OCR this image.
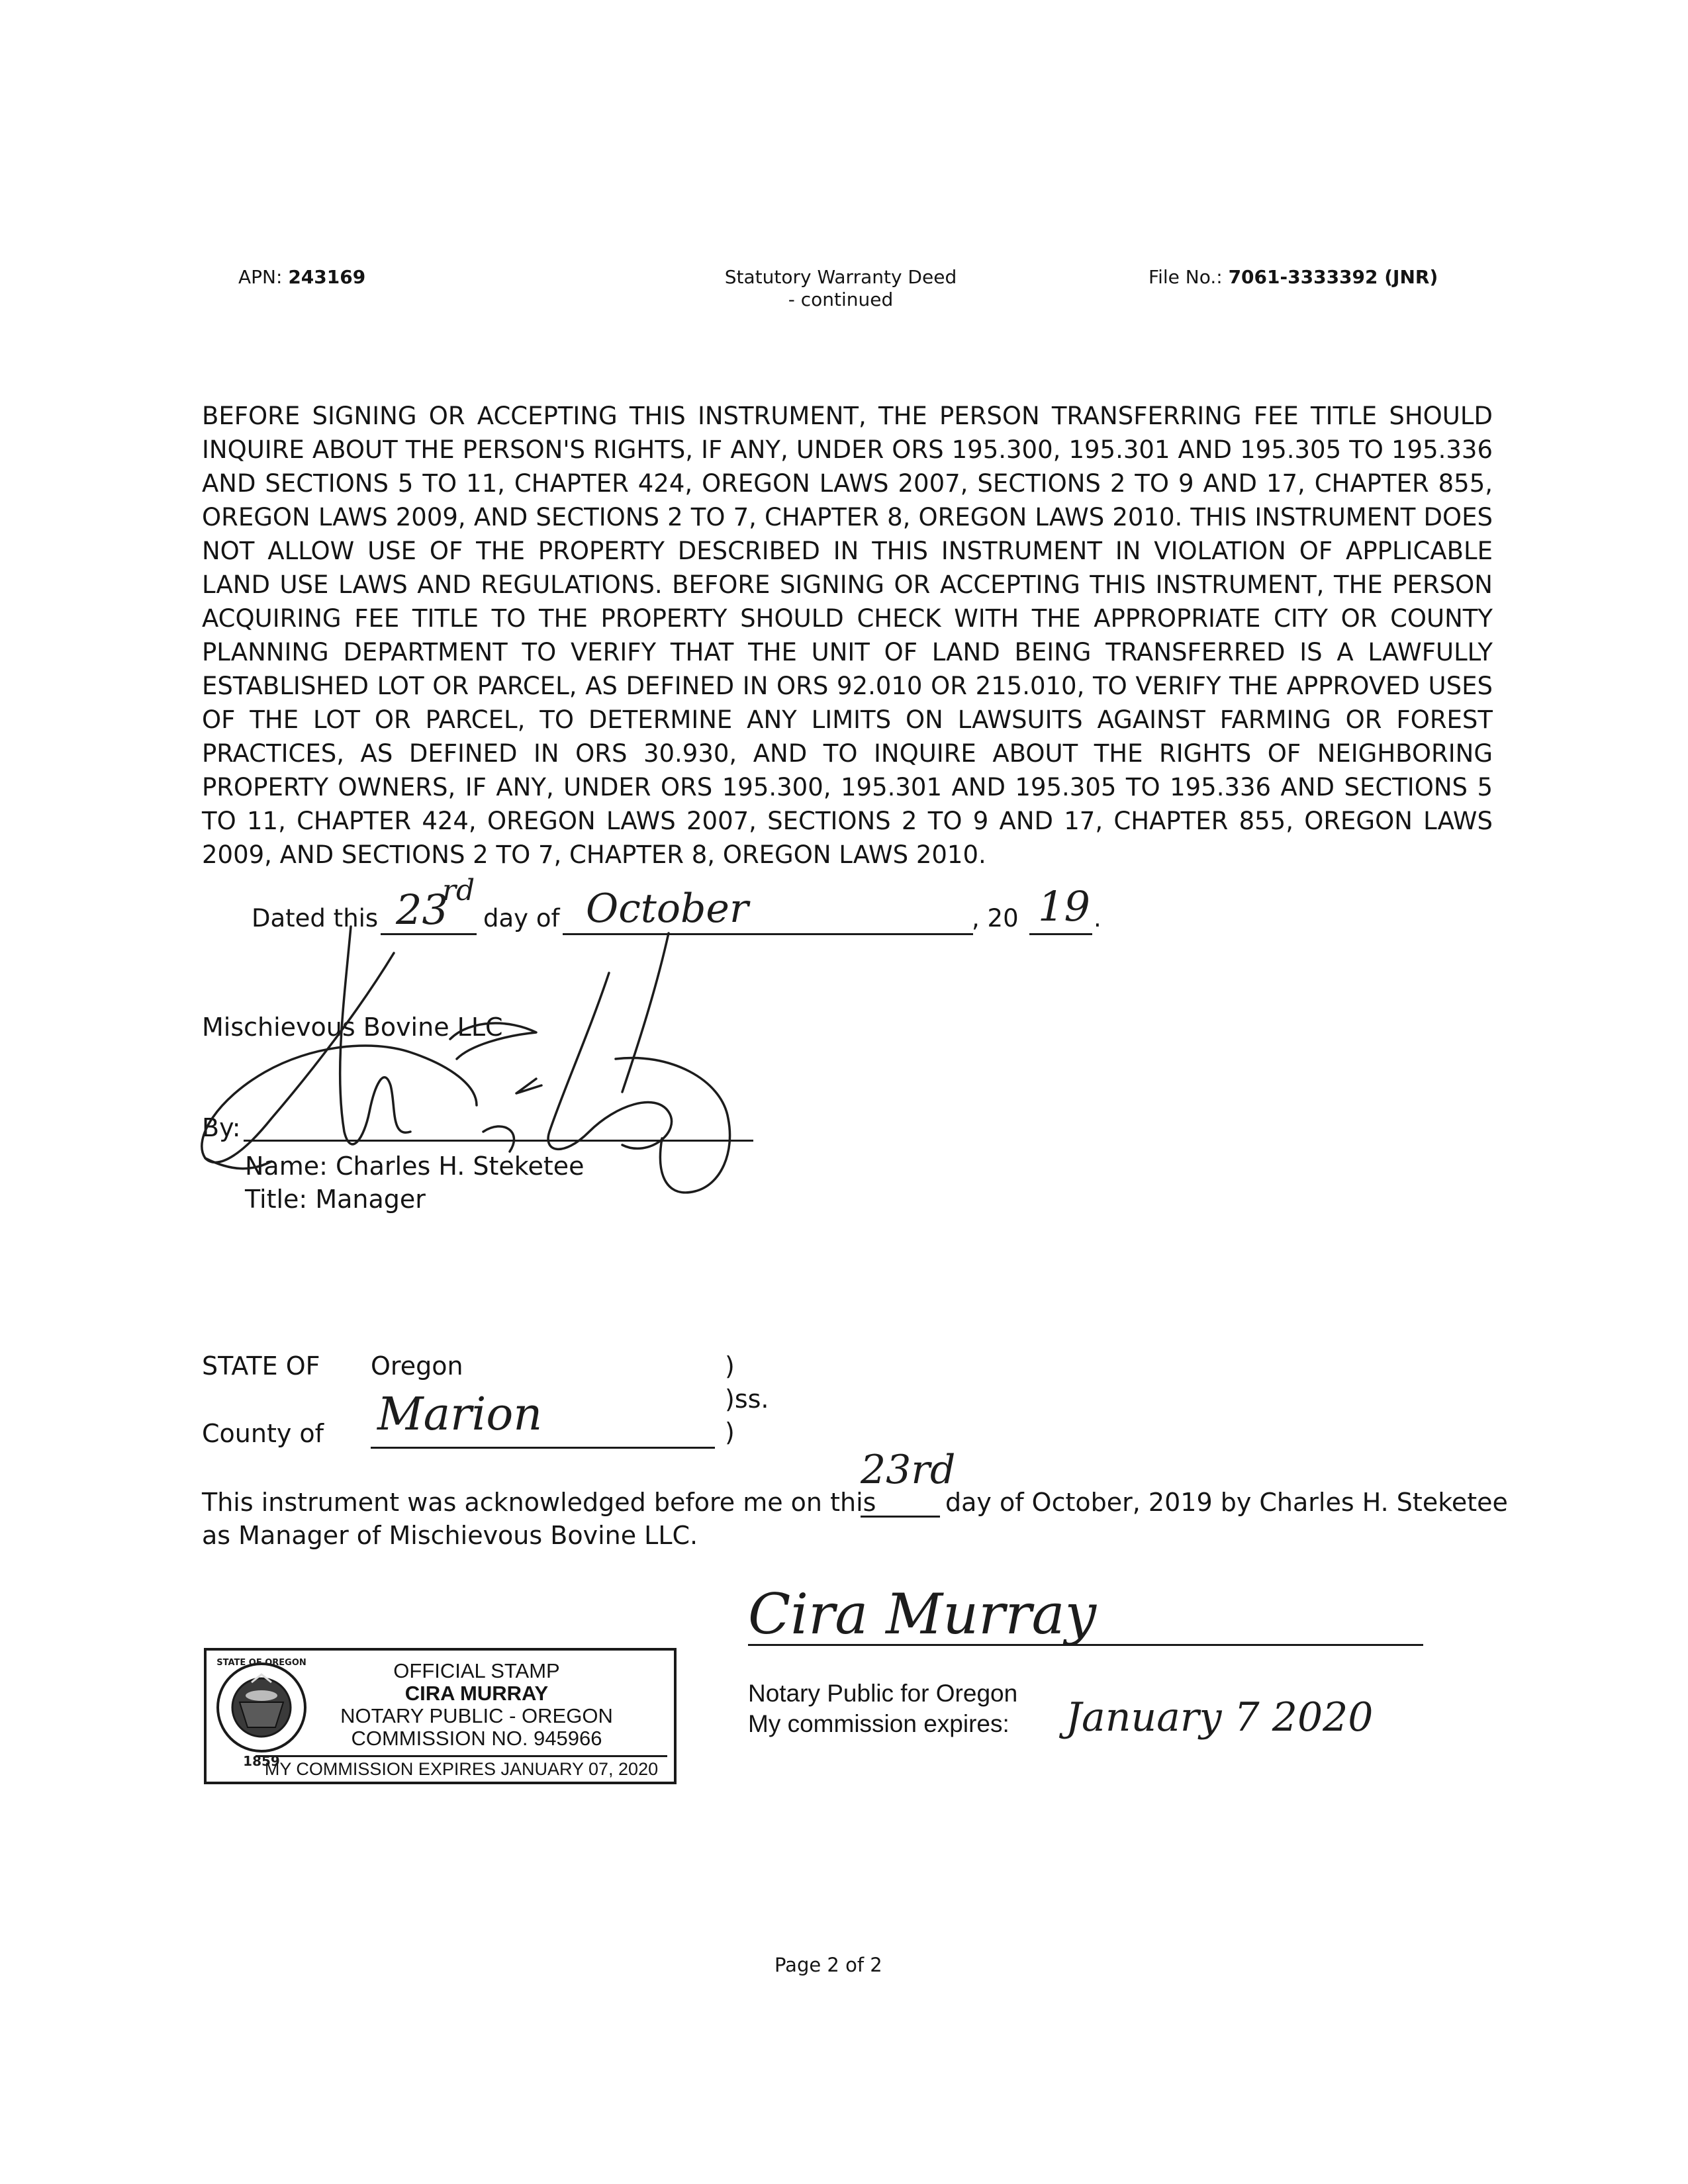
APN: 243169	Statutory Warranty Deed
- continued
File No.: 7061-3333392 (JNR)
BEFORE SIGNING OR ACCEPTING THIS INSTRUMENT, THE PERSON TRANSFERRING FEE TITLE SHOULD INQUIRE ABOUT THE PERSON'S RIGHTS, IF ANY, UNDER ORS 195.300, 195.301 AND 195.305 TO 195.336 AND SECTIONS 5 TO 11, CHAPTER 424, OREGON LAWS 2007, SECTIONS 2 TO 9 AND 17, CHAPTER 855, OREGON LAWS 2009, AND SECTIONS 2 TO 7, CHAPTER 8, OREGON LAWS 2010. THIS INSTRUMENT DOES NOT ALLOW USE OF THE PROPERTY DESCRIBED IN THIS INSTRUMENT IN VIOLATION OF APPLICABLE LAND USE LAWS AND REGULATIONS. BEFORE SIGNING OR ACCEPTING THIS INSTRUMENT, THE PERSON ACQUIRING FEE TITLE TO THE PROPERTY SHOULD CHECK WITH THE APPROPRIATE CITY OR COUNTY PLANNING DEPARTMENT TO VERIFY THAT THE UNIT OF LAND BEING TRANSFERRED IS A LAWFULLY ESTABLISHED LOT OR PARCEL, AS DEFINED IN ORS 92.010 OR 215.010, TO VERIFY THE APPROVED USES OF THE LOT OR PARCEL, TO DETERMINE ANY LIMITS ON LAWSUITS AGAINST FARMING OR FOREST PRACTICES, AS DEFINED IN ORS 30.930, AND TO INQUIRE ABOUT THE RIGHTS OF NEIGHBORING PROPERTY OWNERS, IF ANY, UNDER ORS 195.300, 195.301 AND 195.305 TO 195.336 AND SECTIONS 5 TO 11, CHAPTER 424, OREGON LAWS 2007, SECTIONS 2 TO 9 AND 17, CHAPTER 855, OREGON LAWS 2009, AND SECTIONS 2 TO 7, CHAPTER 8, OREGON LAWS 2010.
Dated this 23
rd
day of October	, 20 19 .
Mischievous Bovine LLC
By:
Name: Charles H. Steketee
Title: Manager
STATE OF Oregon
County of Marion
)
)ss.
)
This instrument was acknowledged before me on this
23rd
day of October, 2019 by Charles H. Steketee
as Manager of Mischievous Bovine LLC.
Cira Murray
Notary Public for Oregon
My commission expires: January 7 2020
1859
STATE OF OREGON	OFFICIAL STAMP
CIRA MURRAY
NOTARY PUBLIC - OREGON
COMMISSION NO. 945966
MY COMMISSION EXPIRES JANUARY 07, 2020
Page 2 of 2
